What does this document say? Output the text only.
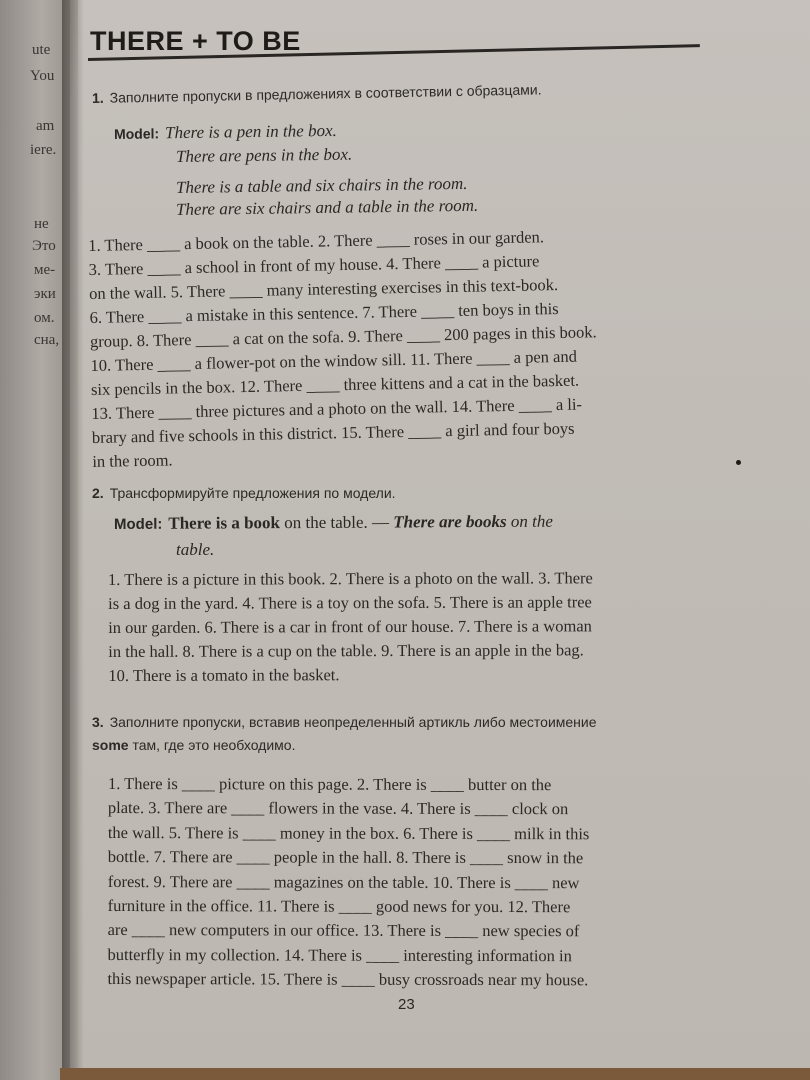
ute
You
am
iere.
не
Это
ме-
эки
ом.
сна,
THERE + TO BE
1. Заполните пропуски в предложениях в соответствии с образцами.
Model: There is a pen in the box.
There are pens in the box.
There is a table and six chairs in the room.
There are six chairs and a table in the room.
1. There ____ a book on the table. 2. There ____ roses in our garden.
3. There ____ a school in front of my house. 4. There ____ a picture
on the wall. 5. There ____ many interesting exercises in this text-book.
6. There ____ a mistake in this sentence. 7. There ____ ten boys in this
group. 8. There ____ a cat on the sofa. 9. There ____ 200 pages in this book.
10. There ____ a flower-pot on the window sill. 11. There ____ a pen and
six pencils in the box. 12. There ____ three kittens and a cat in the basket.
13. There ____ three pictures and a photo on the wall. 14. There ____ a li-
brary and five schools in this district. 15. There ____ a girl and four boys
in the room.
2. Трансформируйте предложения по модели.
Model: There is a book on the table. — There are books on the
table.
1. There is a picture in this book. 2. There is a photo on the wall. 3. There
is a dog in the yard. 4. There is a toy on the sofa. 5. There is an apple tree
in our garden. 6. There is a car in front of our house. 7. There is a woman
in the hall. 8. There is a cup on the table. 9. There is an apple in the bag.
10. There is a tomato in the basket.
3. Заполните пропуски, вставив неопределенный артикль либо местоимение
some там, где это необходимо.
1. There is ____ picture on this page. 2. There is ____ butter on the
plate. 3. There are ____ flowers in the vase. 4. There is ____ clock on
the wall. 5. There is ____ money in the box. 6. There is ____ milk in this
bottle. 7. There are ____ people in the hall. 8. There is ____ snow in the
forest. 9. There are ____ magazines on the table. 10. There is ____ new
furniture in the office. 11. There is ____ good news for you. 12. There
are ____ new computers in our office. 13. There is ____ new species of
butterfly in my collection. 14. There is ____ interesting information in
this newspaper article. 15. There is ____ busy crossroads near my house.
23
